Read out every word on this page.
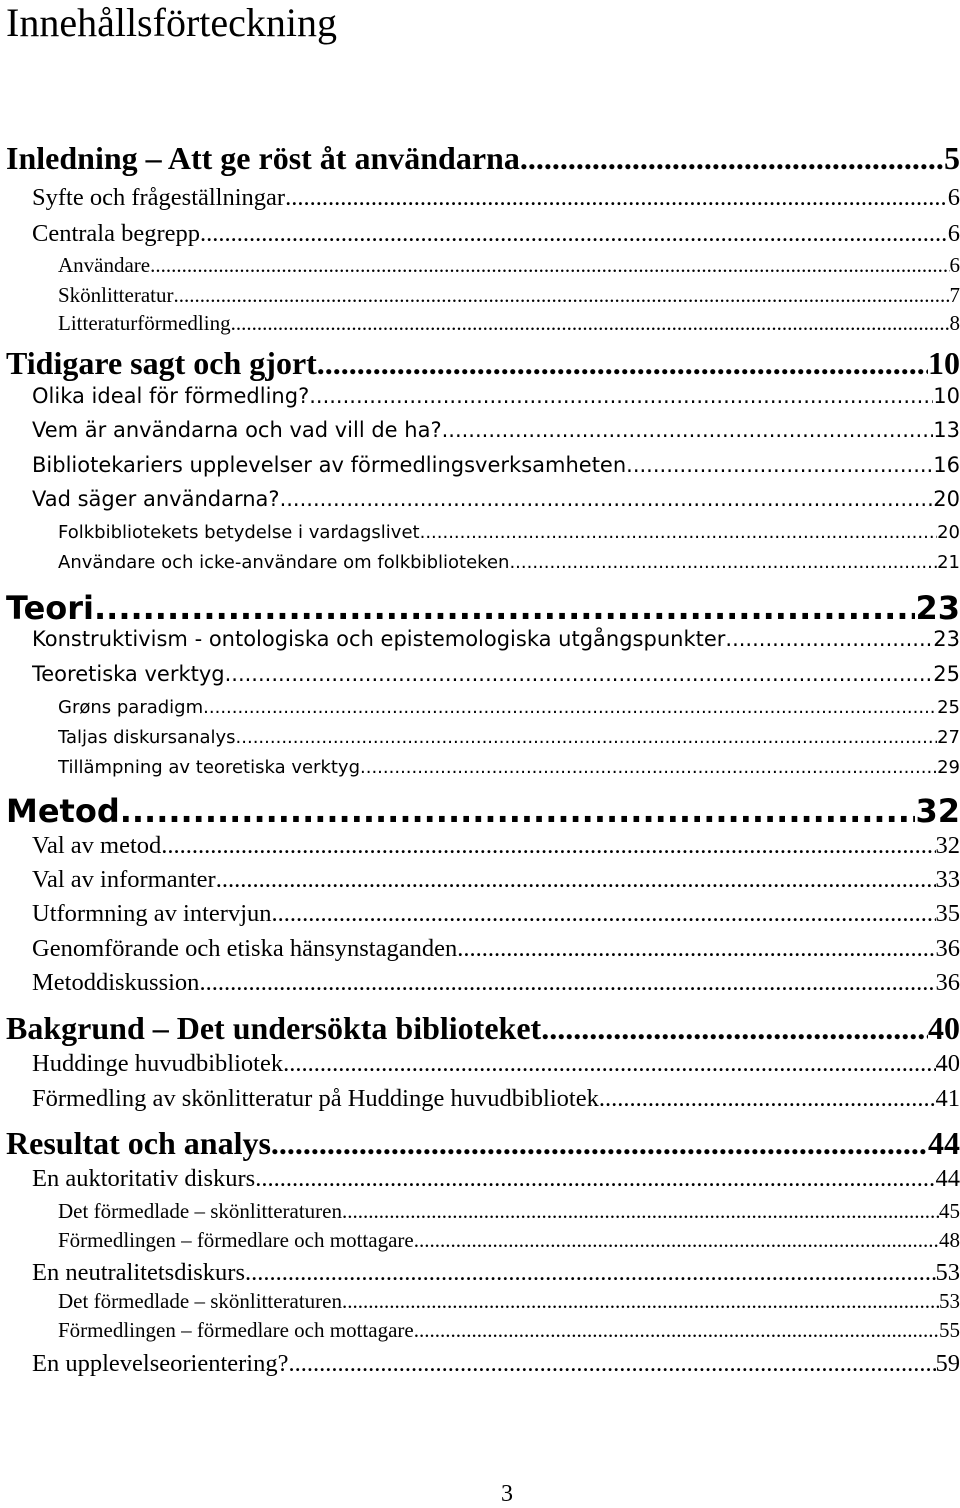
Innehållsförteckning
Inledning – Att ge röst åt användarna .....	5
Syfte och frågeställningar .....	6
Centrala begrepp .....	6
Användare .....	6
Skönlitteratur .....	7
Litteraturförmedling .....	8
Tidigare sagt och gjort .....	10
Olika ideal för förmedling? .....	10
Vem är användarna och vad vill de ha? .....	13
Bibliotekariers upplevelser av förmedlingsverksamheten .....	16
Vad säger användarna? .....	20
Folkbibliotekets betydelse i vardagslivet .....	20
Användare och icke-användare om folkbiblioteken .....	21
Teori .....	23
Konstruktivism - ontologiska och epistemologiska utgångspunkter .....	23
Teoretiska verktyg .....	25
Grøns paradigm .....	25
Taljas diskursanalys .....	27
Tillämpning av teoretiska verktyg .....	29
Metod .....	32
Val av metod .....	32
Val av informanter .....	33
Utformning av intervjun .....	35
Genomförande och etiska hänsynstaganden .....	36
Metoddiskussion .....	36
Bakgrund – Det undersökta biblioteket .....	40
Huddinge huvudbibliotek .....	40
Förmedling av skönlitteratur på Huddinge huvudbibliotek .....	41
Resultat och analys .....	44
En auktoritativ diskurs .....	44
Det förmedlade – skönlitteraturen .....	45
Förmedlingen – förmedlare och mottagare .....	48
En neutralitetsdiskurs .....	53
Det förmedlade – skönlitteraturen .....	53
Förmedlingen – förmedlare och mottagare .....	55
En upplevelseorientering? .....	59
3
